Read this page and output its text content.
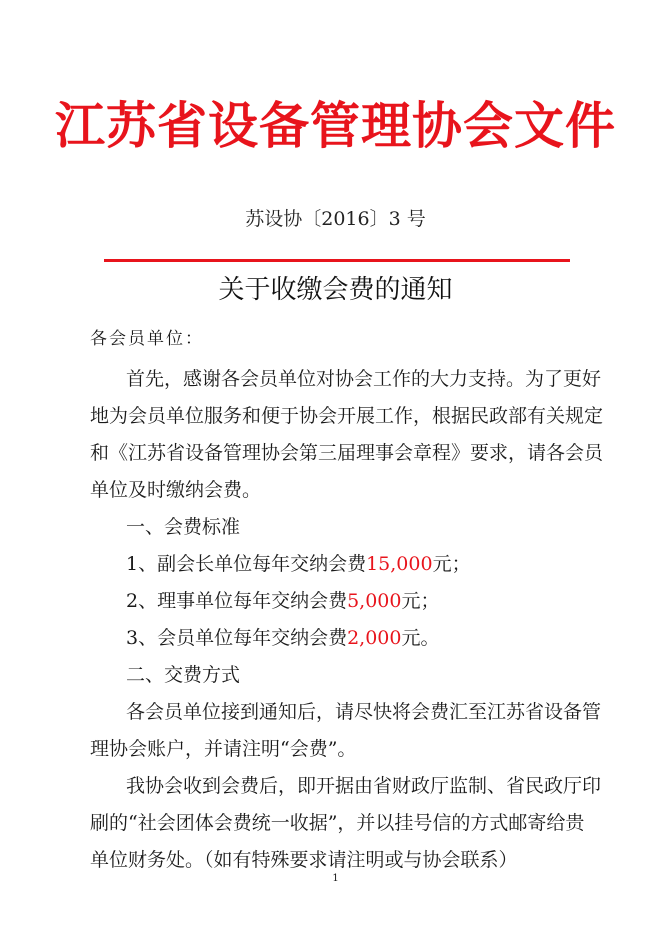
江苏省设备管理协会文件
苏设协〔2016〕3 号
关于收缴会费的通知
各会员单位：
首先，感谢各会员单位对协会工作的大力支持。为了更好
地为会员单位服务和便于协会开展工作，根据民政部有关规定
和《江苏省设备管理协会第三届理事会章程》要求，请各会员
单位及时缴纳会费。
一、会费标准
1、副会长单位每年交纳会费15,000元；
2、理事单位每年交纳会费5,000元；
3、会员单位每年交纳会费2,000元。
二、交费方式
各会员单位接到通知后，请尽快将会费汇至江苏省设备管
理协会账户，并请注明“会费”。
我协会收到会费后，即开据由省财政厅监制、省民政厅印
刷的“社会团体会费统一收据”，并以挂号信的方式邮寄给贵
单位财务处。（如有特殊要求请注明或与协会联系）
1
